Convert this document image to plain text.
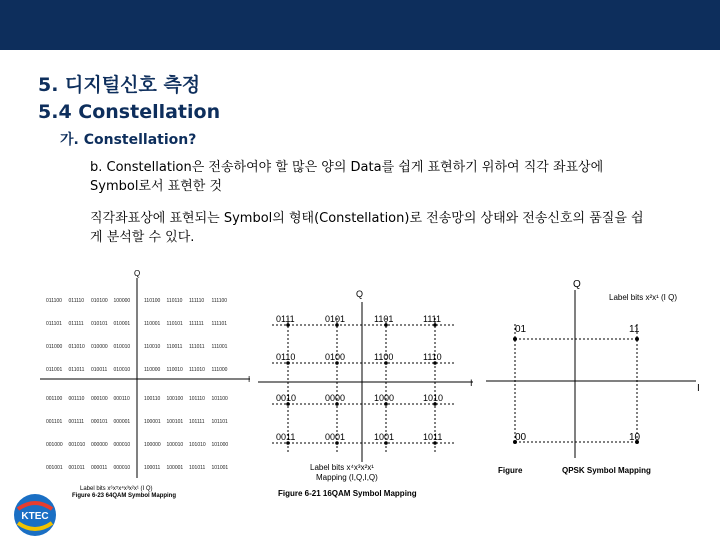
5. 디지털신호 측정
5.4 Constellation
가. Constellation?
b. Constellation은 전송하여야 할 많은 양의 Data를 쉽게 표현하기 위하여 직각 좌표상에 Symbol로서 표현한 것
직각좌표상에 표현되는 Symbol의 형태(Constellation)로 전송망의 상태와 전송신호의 품질을 쉽게 분석할 수 있다.
Q
I
011100 011110 010100 100000	110100 110110 111110 111100
011101 011111 010101 010001	110001 110101 111111 111101
011000 011010 010000 010010	110010 110011 111011 111001
011001 011011 010011 010010	110000 110010 111010 111000
001100 001110 000100 000110	100110 100100 101110 101100
001101 001111 000101 000001	100001 100101 101111 101101
001000 001010 000000 000010	100000 100010 101010 101000
001001 001011 000011 000010	100011 100001 101011 101001
Label bits x⁶x⁵x⁴x³x²x¹ (I Q)
Figure 6-23 64QAM Symbol Mapping
Q
I
0111	0101	1101	1111
0110	0100	1100	1110
0010	0000	1000	1010
0011	0001	1001	1011
Label bits x⁴x³x²x¹
Mapping (I,Q,I,Q)
Figure 6-21 16QAM Symbol Mapping
Q
I
Label bits x²x¹ (I Q)
01	11
00	10
Figure	QPSK Symbol Mapping
KTEC
